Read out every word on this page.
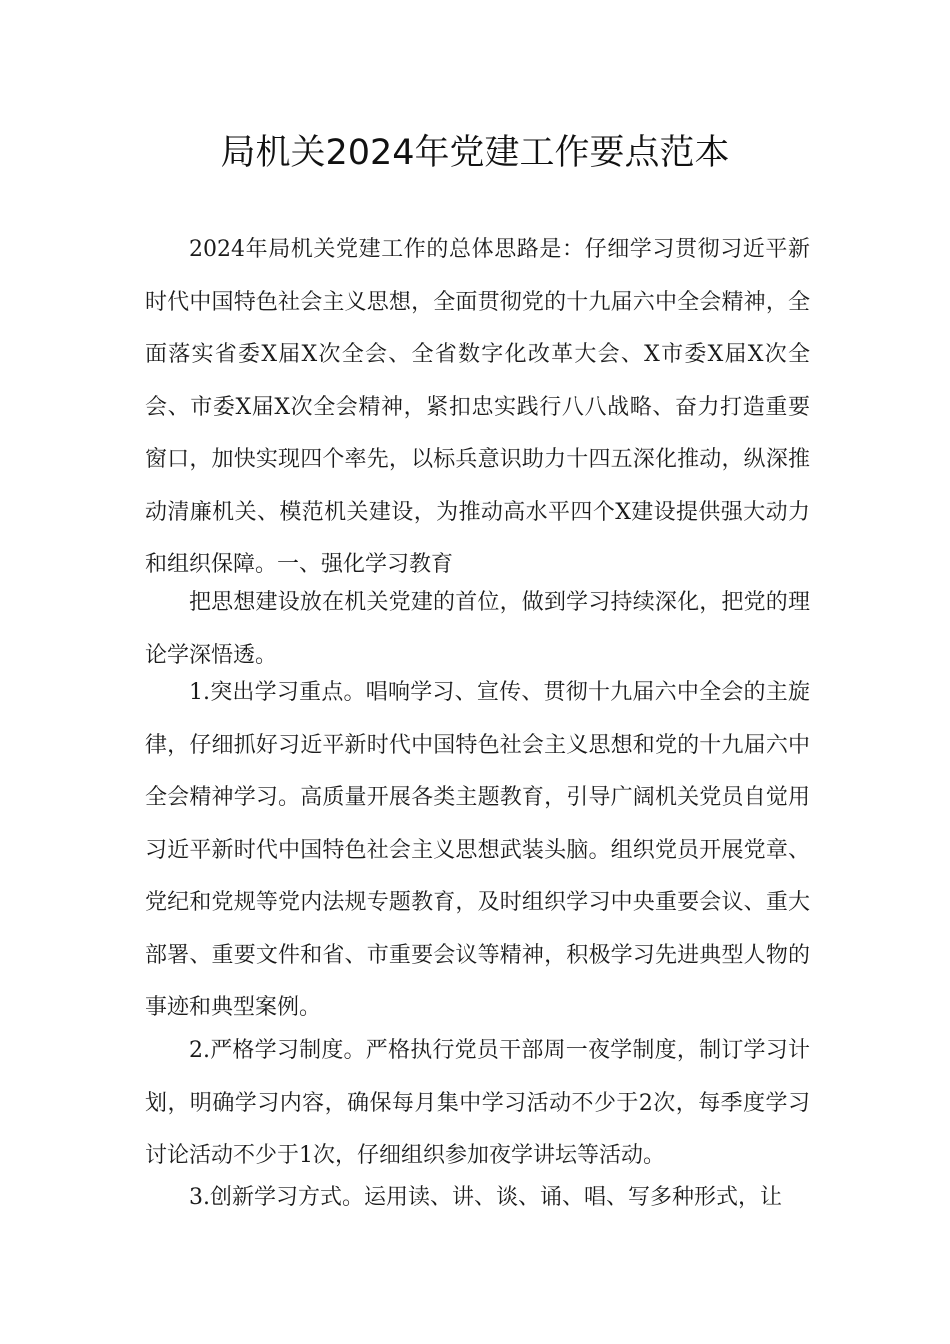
局机关2024年党建工作要点范本

2024年局机关党建工作的总体思路是：仔细学习贯彻习近平新时代中国特色社会主义思想，全面贯彻党的十九届六中全会精神，全面落实省委X届X次全会、全省数字化改革大会、X市委X届X次全会、市委X届X次全会精神，紧扣忠实践行八八战略、奋力打造重要窗口，加快实现四个率先，以标兵意识助力十四五深化推动，纵深推动清廉机关、模范机关建设，为推动高水平四个X建设提供强大动力和组织保障。一、强化学习教育

把思想建设放在机关党建的首位，做到学习持续深化，把党的理论学深悟透。

1.突出学习重点。唱响学习、宣传、贯彻十九届六中全会的主旋律，仔细抓好习近平新时代中国特色社会主义思想和党的十九届六中全会精神学习。高质量开展各类主题教育，引导广阔机关党员自觉用习近平新时代中国特色社会主义思想武装头脑。组织党员开展党章、党纪和党规等党内法规专题教育，及时组织学习中央重要会议、重大部署、重要文件和省、市重要会议等精神，积极学习先进典型人物的事迹和典型案例。

2.严格学习制度。严格执行党员干部周一夜学制度，制订学习计划，明确学习内容，确保每月集中学习活动不少于2次，每季度学习讨论活动不少于1次，仔细组织参加夜学讲坛等活动。

3.创新学习方式。运用读、讲、谈、诵、唱、写多种形式，让
